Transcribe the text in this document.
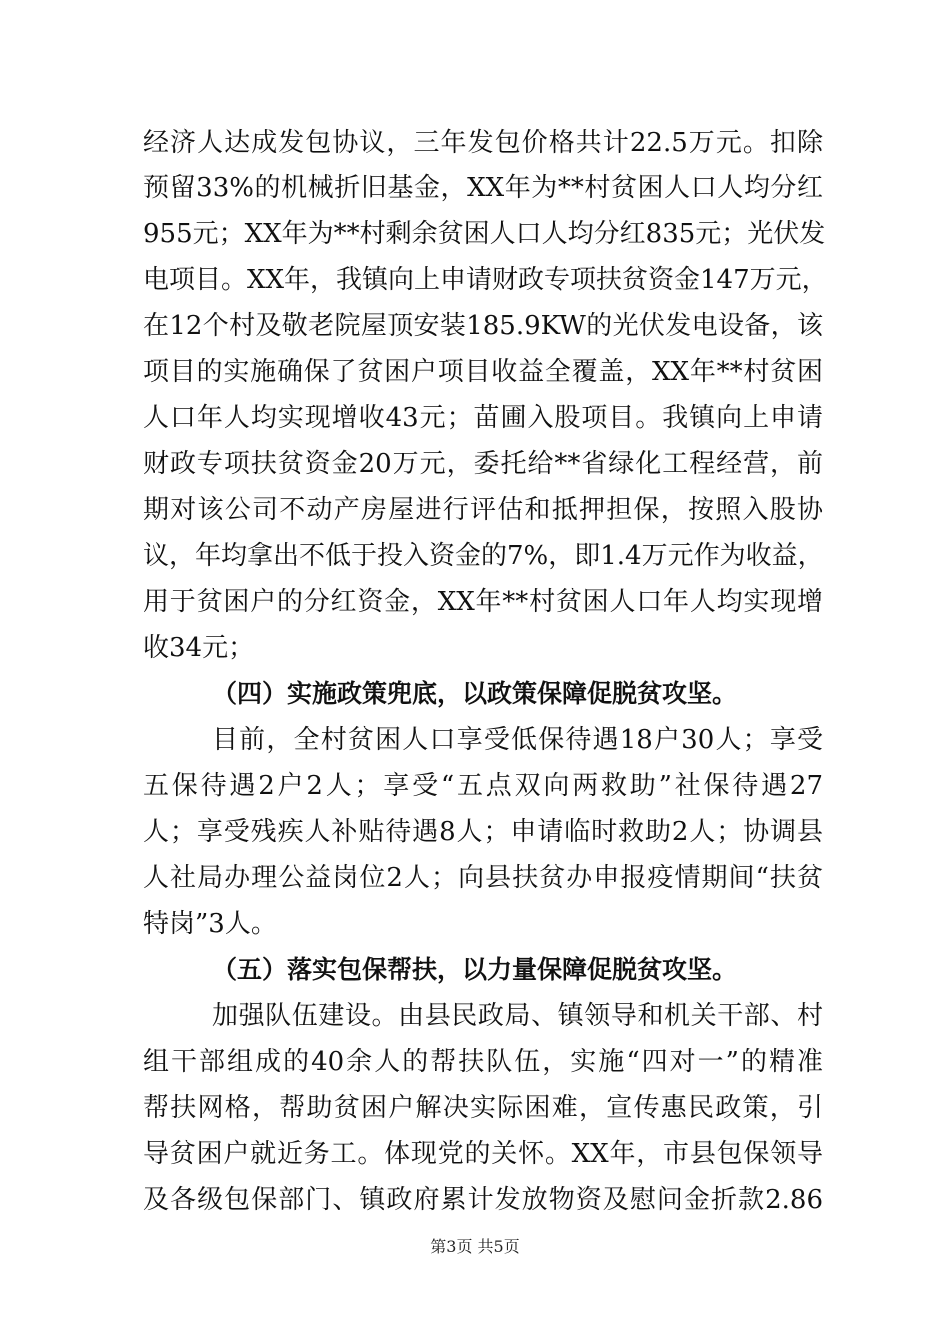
经济人达成发包协议，三年发包价格共计22.5万元。扣除
预留33%的机械折旧基金，XX年为**村贫困人口人均分红
955元；XX年为**村剩余贫困人口人均分红835元；光伏发
电项目。XX年，我镇向上申请财政专项扶贫资金147万元，
在12个村及敬老院屋顶安装185.9KW的光伏发电设备，该
项目的实施确保了贫困户项目收益全覆盖，XX年**村贫困
人口年人均实现增收43元；苗圃入股项目。我镇向上申请
财政专项扶贫资金20万元，委托给**省绿化工程经营，前
期对该公司不动产房屋进行评估和抵押担保，按照入股协
议，年均拿出不低于投入资金的7%，即1.4万元作为收益，
用于贫困户的分红资金，XX年**村贫困人口年人均实现增
收34元；
（四）实施政策兜底，以政策保障促脱贫攻坚。
目前，全村贫困人口享受低保待遇18户30人；享受
五保待遇2户2人；享受“五点双向两救助”社保待遇27
人；享受残疾人补贴待遇8人；申请临时救助2人；协调县
人社局办理公益岗位2人；向县扶贫办申报疫情期间“扶贫
特岗”3人。
（五）落实包保帮扶，以力量保障促脱贫攻坚。
加强队伍建设。由县民政局、镇领导和机关干部、村
组干部组成的40余人的帮扶队伍，实施“四对一”的精准
帮扶网格，帮助贫困户解决实际困难，宣传惠民政策，引
导贫困户就近务工。体现党的关怀。XX年，市县包保领导
及各级包保部门、镇政府累计发放物资及慰问金折款2.86
第3页 共5页
